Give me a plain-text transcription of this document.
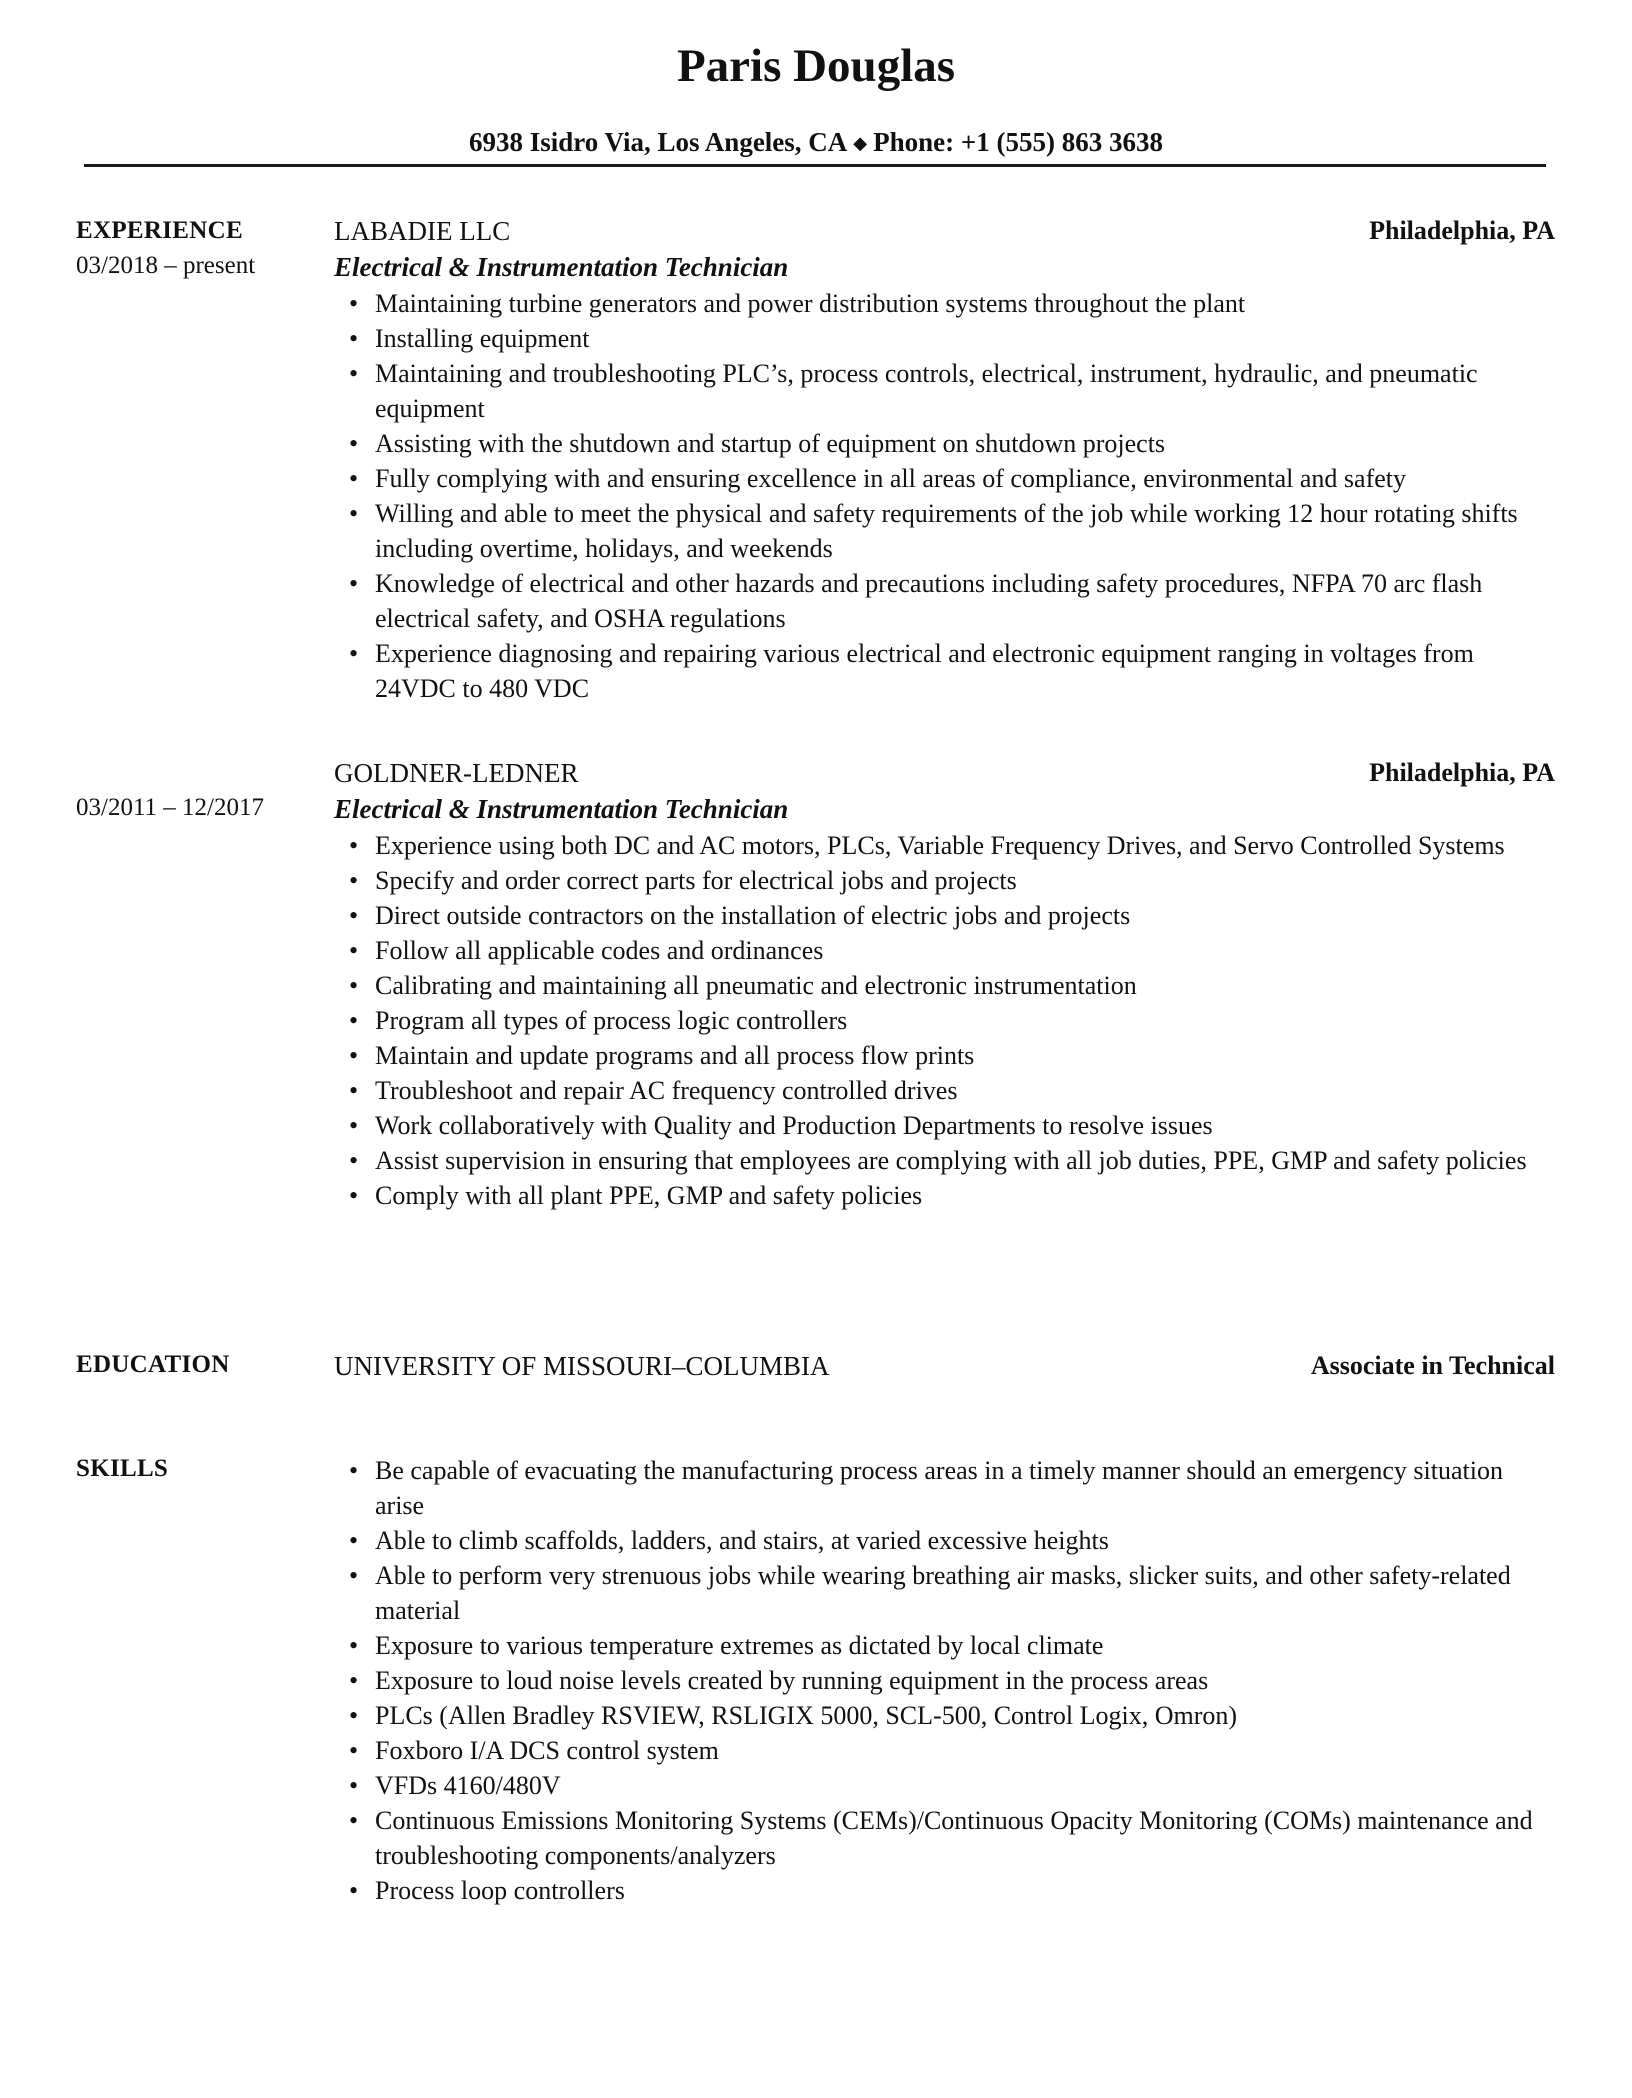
Paris Douglas
6938 Isidro Via, Los Angeles, CA ◆ Phone: +1 (555) 863 3638
EXPERIENCE
03/2018 – present
LABADIE LLC	Philadelphia, PA
Electrical & Instrumentation Technician
• Maintaining turbine generators and power distribution systems throughout the plant
• Installing equipment
• Maintaining and troubleshooting PLC’s, process controls, electrical, instrument, hydraulic, and pneumatic equipment
• Assisting with the shutdown and startup of equipment on shutdown projects
• Fully complying with and ensuring excellence in all areas of compliance, environmental and safety
• Willing and able to meet the physical and safety requirements of the job while working 12 hour rotating shifts including overtime, holidays, and weekends
• Knowledge of electrical and other hazards and precautions including safety procedures, NFPA 70 arc flash electrical safety, and OSHA regulations
• Experience diagnosing and repairing various electrical and electronic equipment ranging in voltages from 24VDC to 480 VDC
03/2011 – 12/2017
GOLDNER-LEDNER	Philadelphia, PA
Electrical & Instrumentation Technician
• Experience using both DC and AC motors, PLCs, Variable Frequency Drives, and Servo Controlled Systems
• Specify and order correct parts for electrical jobs and projects
• Direct outside contractors on the installation of electric jobs and projects
• Follow all applicable codes and ordinances
• Calibrating and maintaining all pneumatic and electronic instrumentation
• Program all types of process logic controllers
• Maintain and update programs and all process flow prints
• Troubleshoot and repair AC frequency controlled drives
• Work collaboratively with Quality and Production Departments to resolve issues
• Assist supervision in ensuring that employees are complying with all job duties, PPE, GMP and safety policies
• Comply with all plant PPE, GMP and safety policies
EDUCATION	UNIVERSITY OF MISSOURI–COLUMBIA	Associate in Technical
SKILLS
•	Be capable of evacuating the manufacturing process areas in a timely manner should an emergency situation arise
• Able to climb scaffolds, ladders, and stairs, at varied excessive heights
• Able to perform very strenuous jobs while wearing breathing air masks, slicker suits, and other safety-related material
• Exposure to various temperature extremes as dictated by local climate
• Exposure to loud noise levels created by running equipment in the process areas
• PLCs (Allen Bradley RSVIEW, RSLIGIX 5000, SCL-500, Control Logix, Omron)
• Foxboro I/A DCS control system
• VFDs 4160/480V
• Continuous Emissions Monitoring Systems (CEMs)/Continuous Opacity Monitoring (COMs) maintenance and troubleshooting components/analyzers
• Process loop controllers
